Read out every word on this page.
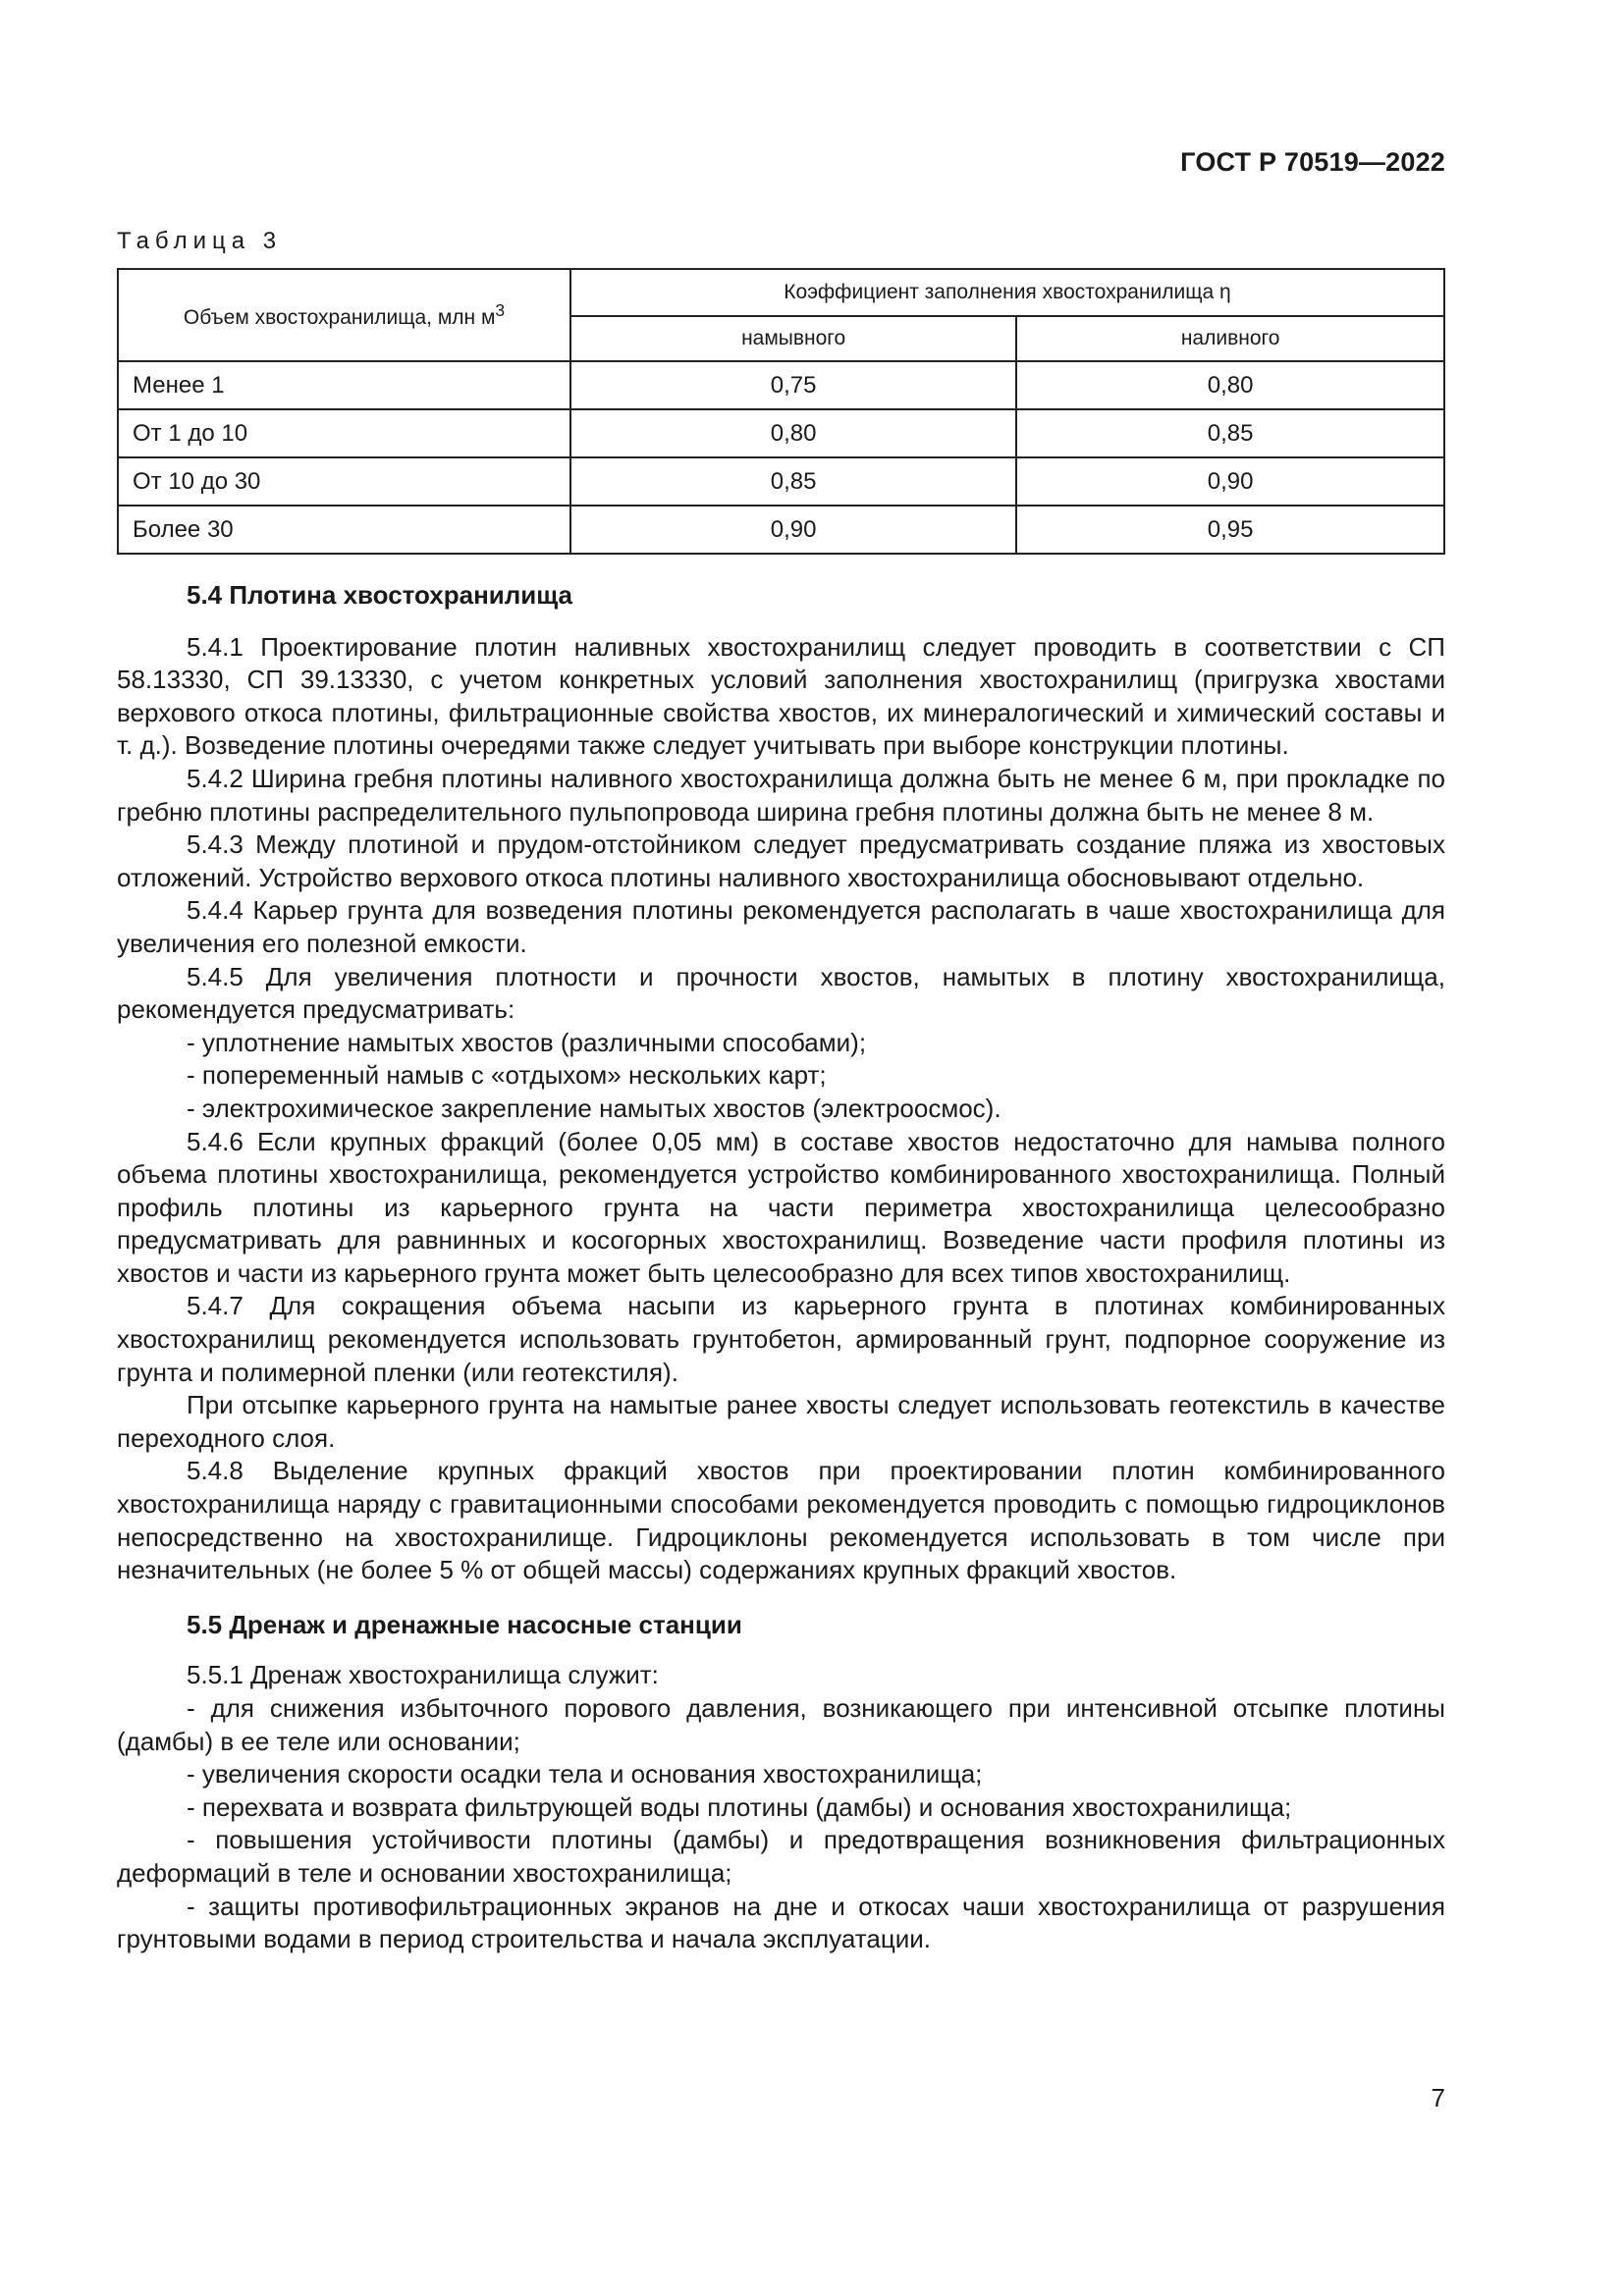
ГОСТ Р 70519—2022
Таблица 3
Объем хвостохранилища, млн $м^3$	Коэффициент заполнения хвостохранилища η	
	намывного	наливного
Менее 1	0,75	0,80
От 1 до 10	0,80	0,85
От 10 до 30	0,85	0,90
Более 30	0,90	0,95
5.4 Плотина хвостохранилища

5.4.1 Проектирование плотин наливных хвостохранилищ следует проводить в соответствии с СП 58.13330, СП 39.13330, с учетом конкретных условий заполнения хвостохранилищ (пригрузка хвостами верхового откоса плотины, фильтрационные свойства хвостов, их минералогический и химический составы и т. д.). Возведение плотины очередями также следует учитывать при выборе конструкции плотины.

5.4.2 Ширина гребня плотины наливного хвостохранилища должна быть не менее 6 м, при прокладке по гребню плотины распределительного пульпопровода ширина гребня плотины должна быть не менее 8 м.

5.4.3 Между плотиной и прудом-отстойником следует предусматривать создание пляжа из хвостовых отложений. Устройство верхового откоса плотины наливного хвостохранилища обосновывают отдельно.

5.4.4 Карьер грунта для возведения плотины рекомендуется располагать в чаше хвостохранилища для увеличения его полезной емкости.

5.4.5 Для увеличения плотности и прочности хвостов, намытых в плотину хвостохранилища, рекомендуется предусматривать:

- уплотнение намытых хвостов (различными способами);

- попеременный намыв с «отдыхом» нескольких карт;

- электрохимическое закрепление намытых хвостов (электроосмос).

5.4.6 Если крупных фракций (более 0,05 мм) в составе хвостов недостаточно для намыва полного объема плотины хвостохранилища, рекомендуется устройство комбинированного хвостохранилища. Полный профиль плотины из карьерного грунта на части периметра хвостохранилища целесообразно предусматривать для равнинных и косогорных хвостохранилищ. Возведение части профиля плотины из хвостов и части из карьерного грунта может быть целесообразно для всех типов хвостохранилищ.

5.4.7 Для сокращения объема насыпи из карьерного грунта в плотинах комбинированных хвостохранилищ рекомендуется использовать грунтобетон, армированный грунт, подпорное сооружение из грунта и полимерной пленки (или геотекстиля).

При отсыпке карьерного грунта на намытые ранее хвосты следует использовать геотекстиль в качестве переходного слоя.

5.4.8 Выделение крупных фракций хвостов при проектировании плотин комбинированного хвостохранилища наряду с гравитационными способами рекомендуется проводить с помощью гидроциклонов непосредственно на хвостохранилище. Гидроциклоны рекомендуется использовать в том числе при незначительных (не более 5 % от общей массы) содержаниях крупных фракций хвостов.

5.5 Дренаж и дренажные насосные станции

5.5.1 Дренаж хвостохранилища служит:

- для снижения избыточного порового давления, возникающего при интенсивной отсыпке плотины (дамбы) в ее теле или основании;

- увеличения скорости осадки тела и основания хвостохранилища;

- перехвата и возврата фильтрующей воды плотины (дамбы) и основания хвостохранилища;

- повышения устойчивости плотины (дамбы) и предотвращения возникновения фильтрационных деформаций в теле и основании хвостохранилища;

- защиты противофильтрационных экранов на дне и откосах чаши хвостохранилища от разрушения грунтовыми водами в период строительства и начала эксплуатации.

7
